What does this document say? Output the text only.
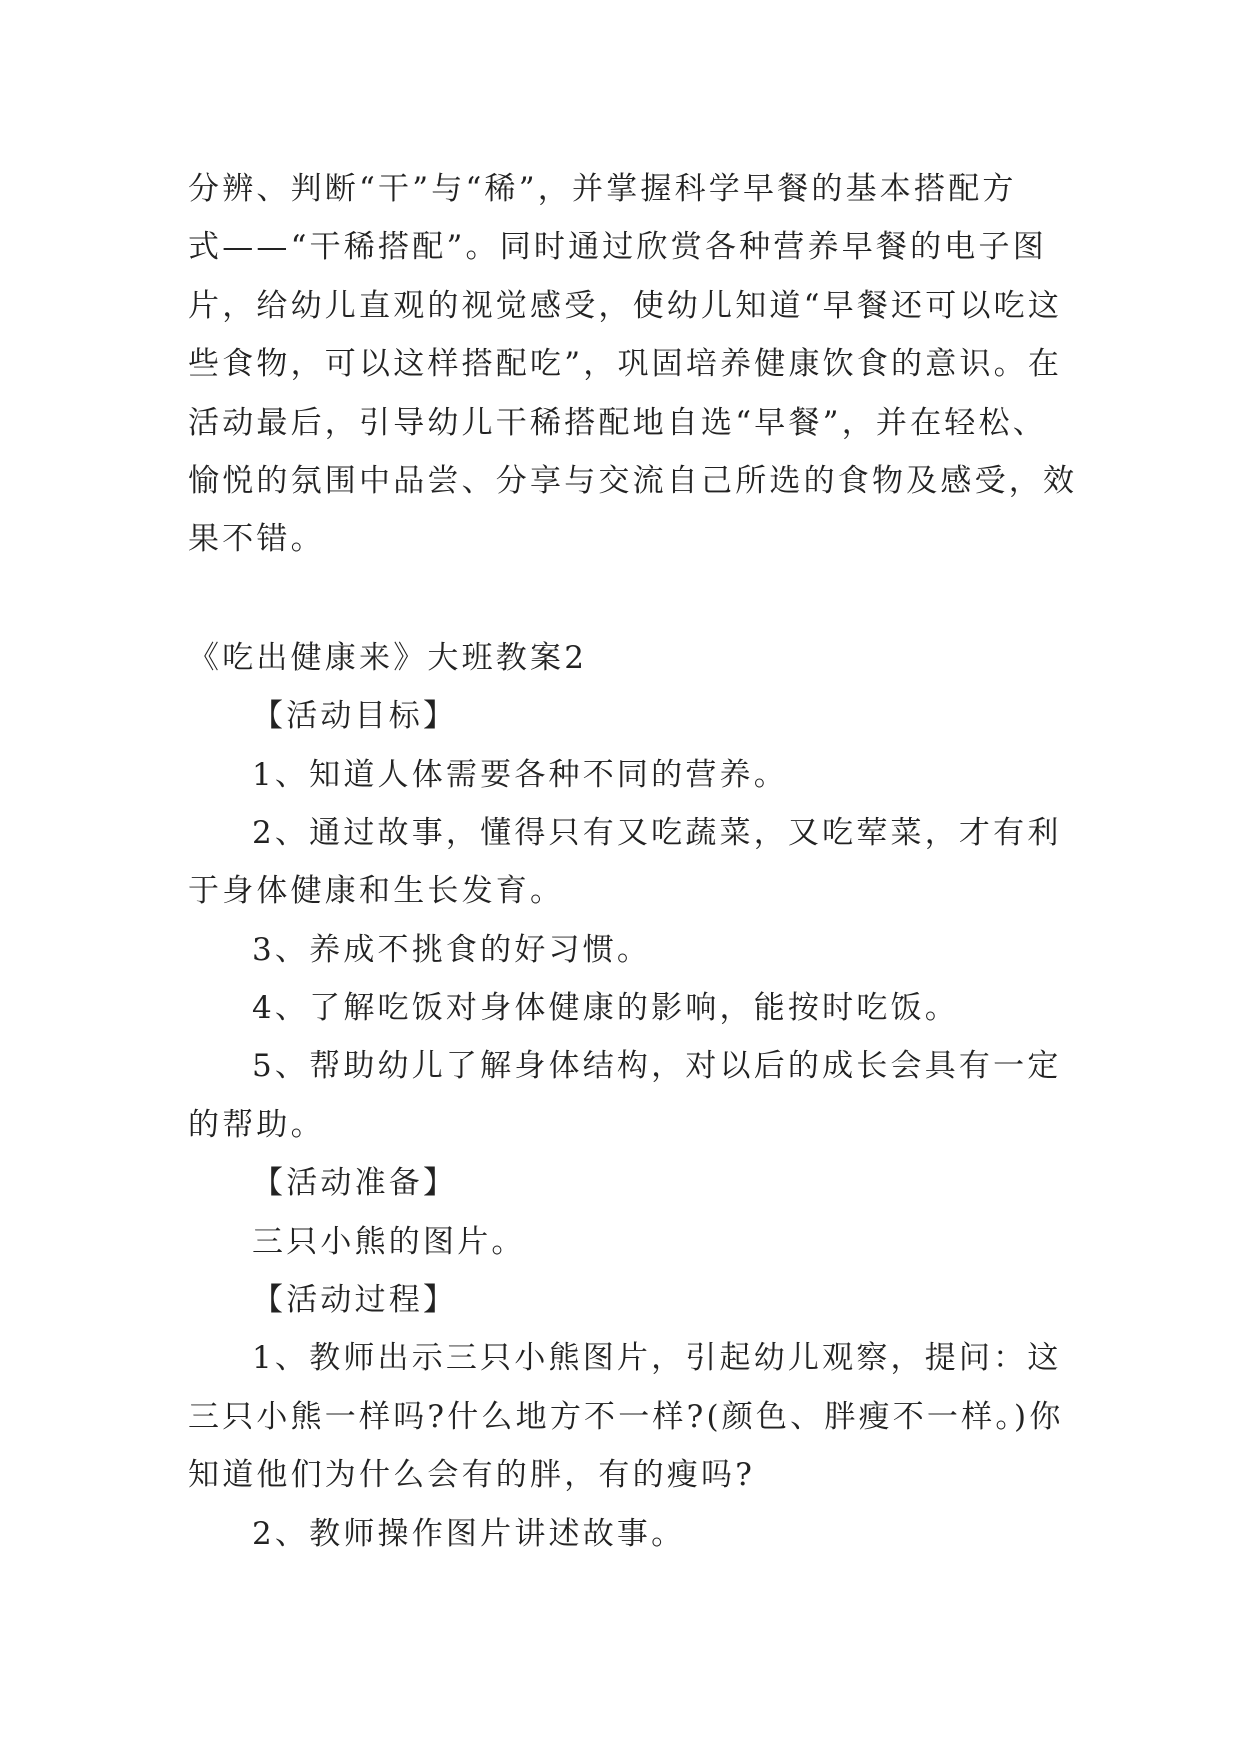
分辨、判断“干”与“稀”，并掌握科学早餐的基本搭配方

式——“干稀搭配”。同时通过欣赏各种营养早餐的电子图

片，给幼儿直观的视觉感受，使幼儿知道“早餐还可以吃这

些食物，可以这样搭配吃”，巩固培养健康饮食的意识。在

活动最后，引导幼儿干稀搭配地自选“早餐”，并在轻松、

愉悦的氛围中品尝、分享与交流自己所选的食物及感受，效

果不错。

《吃出健康来》大班教案2

【活动目标】

1、知道人体需要各种不同的营养。

2、通过故事，懂得只有又吃蔬菜，又吃荤菜，才有利

于身体健康和生长发育。

3、养成不挑食的好习惯。

4、了解吃饭对身体健康的影响，能按时吃饭。

5、帮助幼儿了解身体结构，对以后的成长会具有一定

的帮助。

【活动准备】

三只小熊的图片。

【活动过程】

1、教师出示三只小熊图片，引起幼儿观察，提问：这

三只小熊一样吗?什么地方不一样?(颜色、胖瘦不一样。)你

知道他们为什么会有的胖，有的瘦吗?

2、教师操作图片讲述故事。
